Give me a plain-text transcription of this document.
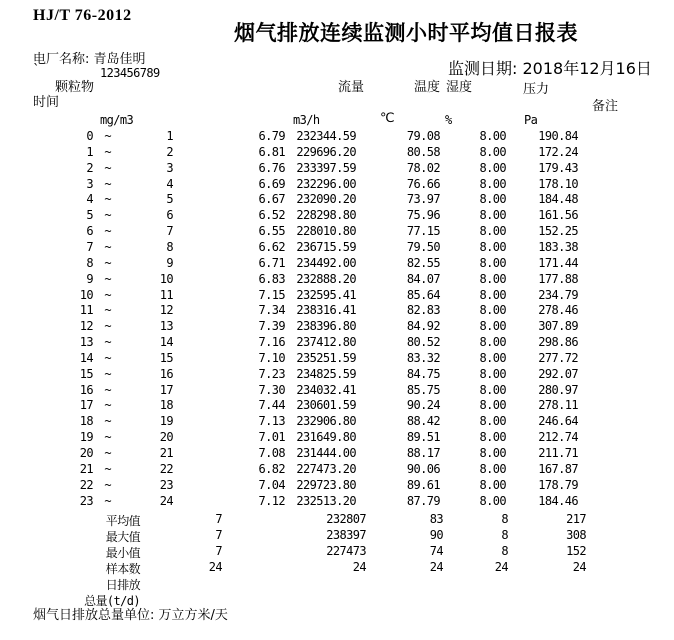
HJ/T 76-2012
烟气排放连续监测小时平均值日报表
电厂名称: 青岛佳明
`	123456789	监测日期: 2018年12月16日
颗粒物	流量	温度 湿度	压力
时间	备注
mg/m3	m3/h	℃	%	Pa
0 ~	1	6.79 232344.59	79.08	8.00	190.84
1 ~	2	6.81 229696.20	80.58	8.00	172.24
2 ~	3	6.76 233397.59	78.02	8.00	179.43
3 ~	4	6.69 232296.00	76.66	8.00	178.10
4 ~	5	6.67 232090.20	73.97	8.00	184.48
5 ~	6	6.52 228298.80	75.96	8.00	161.56
6 ~	7	6.55 228010.80	77.15	8.00	152.25
7 ~	8	6.62 236715.59	79.50	8.00	183.38
8 ~	9	6.71 234492.00	82.55	8.00	171.44
9 ~	10	6.83 232888.20	84.07	8.00	177.88
10 ~	11	7.15 232595.41	85.64	8.00	234.79
11 ~	12	7.34 238316.41	82.83	8.00	278.46
12 ~	13	7.39 238396.80	84.92	8.00	307.89
13 ~	14	7.16 237412.80	80.52	8.00	298.86
14 ~	15	7.10 235251.59	83.32	8.00	277.72
15 ~	16	7.23 234825.59	84.75	8.00	292.07
16 ~	17	7.30 234032.41	85.75	8.00	280.97
17 ~	18	7.44 230601.59	90.24	8.00	278.11
18 ~	19	7.13 232906.80	88.42	8.00	246.64
19 ~	20	7.01 231649.80	89.51	8.00	212.74
20 ~	21	7.08 231444.00	88.17	8.00	211.71
21 ~	22	6.82 227473.20	90.06	8.00	167.87
22 ~	23	7.04 229723.80	89.61	8.00	178.79
23 ~	24	7.12 232513.20	87.79	8.00	184.46
平均值	7	232807	83	8	217
最大值	7	238397	90	8	308
最小值	7	227473	74	8	152
样本数	24	24	24	24	24
日排放
总量(t/d)
烟气日排放总量单位: 万立方米/天
